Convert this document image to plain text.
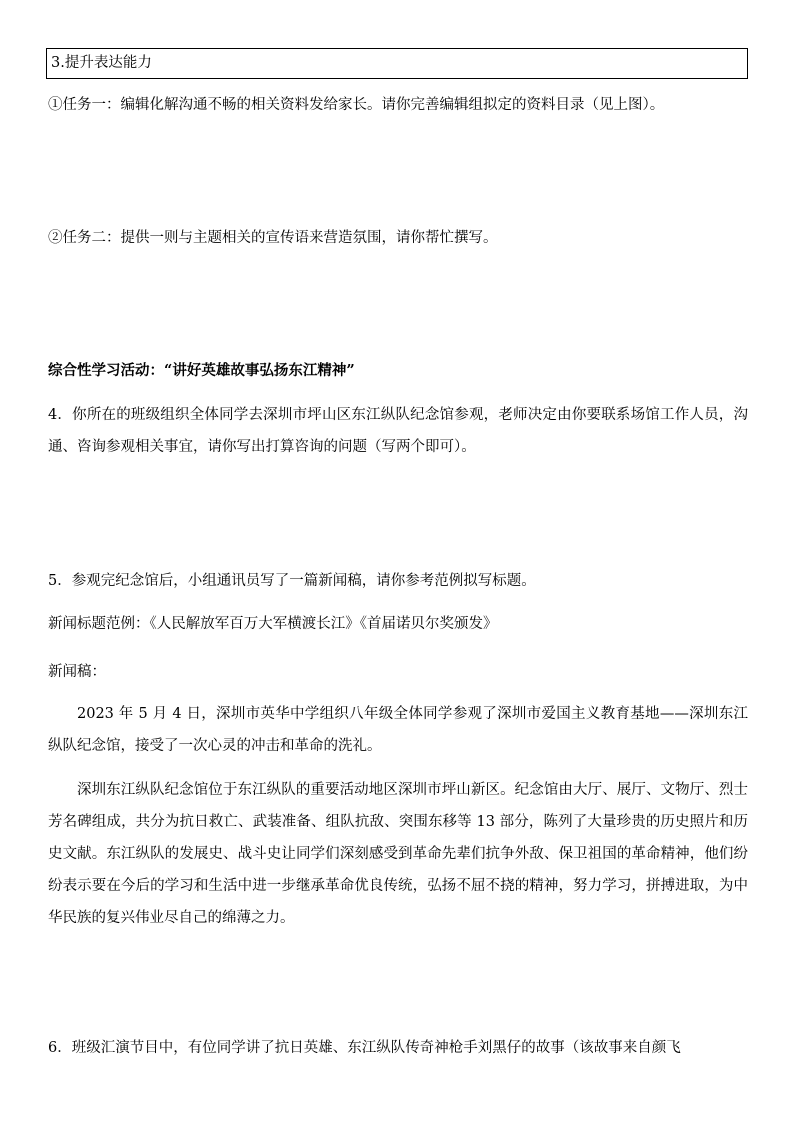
3.提升表达能力
①任务一：编辑化解沟通不畅的相关资料发给家长。请你完善编辑组拟定的资料目录（见上图）。
②任务二：提供一则与主题相关的宣传语来营造氛围，请你帮忙撰写。
综合性学习活动：“讲好英雄故事弘扬东江精神”
4．你所在的班级组织全体同学去深圳市坪山区东江纵队纪念馆参观，老师决定由你要联系场馆工作人员，沟通、咨询参观相关事宜，请你写出打算咨询的问题（写两个即可）。
5．参观完纪念馆后，小组通讯员写了一篇新闻稿，请你参考范例拟写标题。
新闻标题范例：《人民解放军百万大军横渡长江》《首届诺贝尔奖颁发》
新闻稿：
2023 年 5 月 4 日，深圳市英华中学组织八年级全体同学参观了深圳市爱国主义教育基地——深圳东江纵队纪念馆，接受了一次心灵的冲击和革命的洗礼。
深圳东江纵队纪念馆位于东江纵队的重要活动地区深圳市坪山新区。纪念馆由大厅、展厅、文物厅、烈士芳名碑组成，共分为抗日救亡、武装准备、组队抗敌、突围东移等 13 部分，陈列了大量珍贵的历史照片和历史文献。东江纵队的发展史、战斗史让同学们深刻感受到革命先辈们抗争外敌、保卫祖国的革命精神，他们纷纷表示要在今后的学习和生活中进一步继承革命优良传统，弘扬不屈不挠的精神，努力学习，拼搏进取，为中华民族的复兴伟业尽自己的绵薄之力。
6．班级汇演节目中，有位同学讲了抗日英雄、东江纵队传奇神枪手刘黑仔的故事（该故事来自颜飞
